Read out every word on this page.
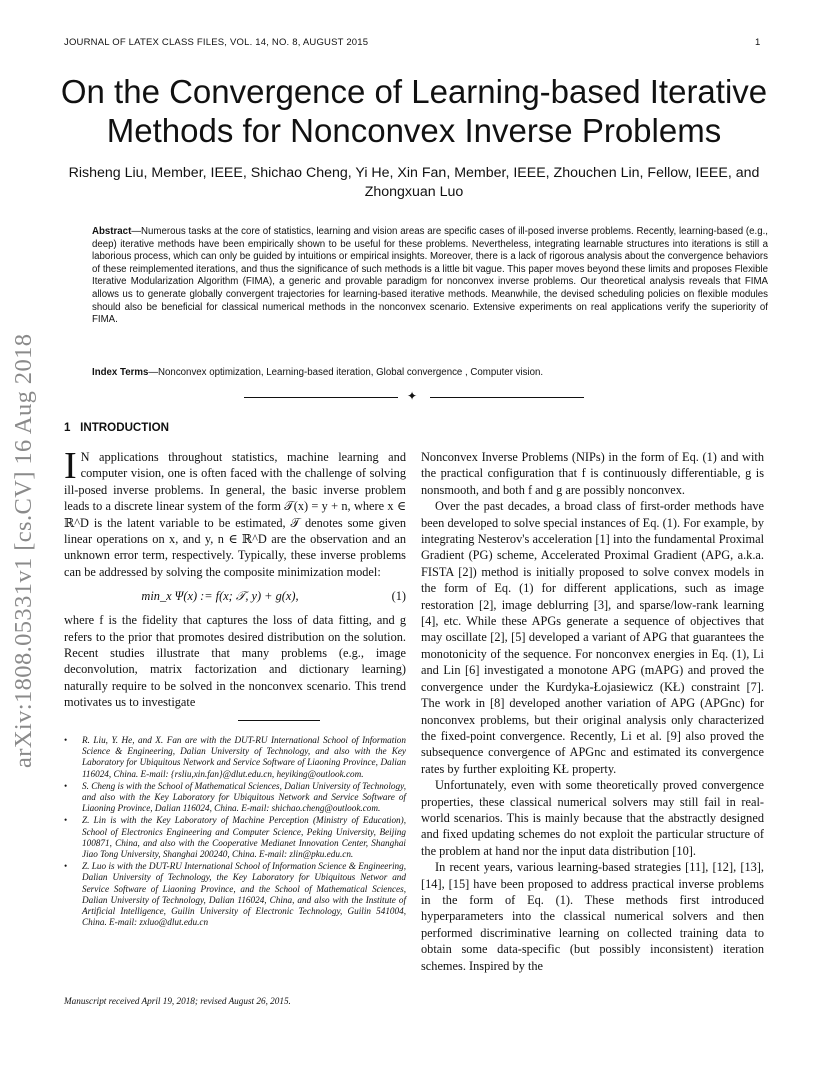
JOURNAL OF LATEX CLASS FILES, VOL. 14, NO. 8, AUGUST 2015	1
arXiv:1808.05331v1 [cs.CV] 16 Aug 2018
On the Convergence of Learning-based Iterative Methods for Nonconvex Inverse Problems
Risheng Liu, Member, IEEE, Shichao Cheng, Yi He, Xin Fan, Member, IEEE, Zhouchen Lin, Fellow, IEEE, and Zhongxuan Luo
Abstract—Numerous tasks at the core of statistics, learning and vision areas are specific cases of ill-posed inverse problems. Recently, learning-based (e.g., deep) iterative methods have been empirically shown to be useful for these problems. Nevertheless, integrating learnable structures into iterations is still a laborious process, which can only be guided by intuitions or empirical insights. Moreover, there is a lack of rigorous analysis about the convergence behaviors of these reimplemented iterations, and thus the significance of such methods is a little bit vague. This paper moves beyond these limits and proposes Flexible Iterative Modularization Algorithm (FIMA), a generic and provable paradigm for nonconvex inverse problems. Our theoretical analysis reveals that FIMA allows us to generate globally convergent trajectories for learning-based iterative methods. Meanwhile, the devised scheduling policies on flexible modules should also be beneficial for classical numerical methods in the nonconvex scenario. Extensive experiments on real applications verify the superiority of FIMA.
Index Terms—Nonconvex optimization, Learning-based iteration, Global convergence , Computer vision.
✦
1 INTRODUCTION

I N applications throughout statistics, machine learning and computer vision, one is often faced with the challenge of solving ill-posed inverse problems. In general, the basic inverse problem leads to a discrete linear system of the form 𝒯(x) = y + n, where x ∈ ℝ^D is the latent variable to be estimated, 𝒯 denotes some given linear operations on x, and y, n ∈ ℝ^D are the observation and an unknown error term, respectively. Typically, these inverse problems can be addressed by solving the composite minimization model:

min_x Ψ(x) := f(x; 𝒯, y) + g(x),	(1)

where f is the fidelity that captures the loss of data fitting, and g refers to the prior that promotes desired distribution on the solution. Recent studies illustrate that many problems (e.g., image deconvolution, matrix factorization and dictionary learning) naturally require to be solved in the nonconvex scenario. This trend motivates us to investigate

• R. Liu, Y. He, and X. Fan are with the DUT-RU International School of Information Science & Engineering, Dalian University of Technology, and also with the Key Laboratory for Ubiquitous Network and Service Software of Liaoning Province, Dalian 116024, China. E-mail: {rsliu,xin.fan}@dlut.edu.cn, heyiking@outlook.com.
• S. Cheng is with the School of Mathematical Sciences, Dalian University of Technology, and also with the Key Laboratory for Ubiquitous Network and Service Software of Liaoning Province, Dalian 116024, China. E-mail: shichao.cheng@outlook.com.
• Z. Lin is with the Key Laboratory of Machine Perception (Ministry of Education), School of Electronics Engineering and Computer Science, Peking University, Beijing 100871, China, and also with the Cooperative Medianet Innovation Center, Shanghai Jiao Tong University, Shanghai 200240, China. E-mail: zlin@pku.edu.cn.
• Z. Luo is with the DUT-RU International School of Information Science & Engineering, Dalian University of Technology, the Key Laboratory for Ubiquitous Networ and Service Software of Liaoning Province, and the School of Mathematical Sciences, Dalian University of Technology, Dalian 116024, China, and also with the Institute of Artificial Intelligence, Guilin University of Electronic Technology, Guilin 541004, China. E-mail: zxluo@dlut.edu.cn
Manuscript received April 19, 2018; revised August 26, 2015.

Nonconvex Inverse Problems (NIPs) in the form of Eq. (1) and with the practical configuration that f is continuously differentiable, g is nonsmooth, and both f and g are possibly nonconvex.

Over the past decades, a broad class of first-order methods have been developed to solve special instances of Eq. (1). For example, by integrating Nesterov's acceleration [1] into the fundamental Proximal Gradient (PG) scheme, Accelerated Proximal Gradient (APG, a.k.a. FISTA [2]) method is initially proposed to solve convex models in the form of Eq. (1) for different applications, such as image restoration [2], image deblurring [3], and sparse/low-rank learning [4], etc. While these APGs generate a sequence of objectives that may oscillate [2], [5] developed a variant of APG that guarantees the monotonicity of the sequence. For nonconvex energies in Eq. (1), Li and Lin [6] investigated a monotone APG (mAPG) and proved the convergence under the Kurdyka-Łojasiewicz (KŁ) constraint [7]. The work in [8] developed another variation of APG (APGnc) for nonconvex problems, but their original analysis only characterized the fixed-point convergence. Recently, Li et al. [9] also proved the subsequence convergence of APGnc and estimated its convergence rates by further exploiting KŁ property.

Unfortunately, even with some theoretically proved convergence properties, these classical numerical solvers may still fail in real-world scenarios. This is mainly because that the abstractly designed and fixed updating schemes do not exploit the particular structure of the problem at hand nor the input data distribution [10].

In recent years, various learning-based strategies [11], [12], [13], [14], [15] have been proposed to address practical inverse problems in the form of Eq. (1). These methods first introduced hyperparameters into the classical numerical solvers and then performed discriminative learning on collected training data to obtain some data-specific (but possibly inconsistent) iteration schemes. Inspired by the
